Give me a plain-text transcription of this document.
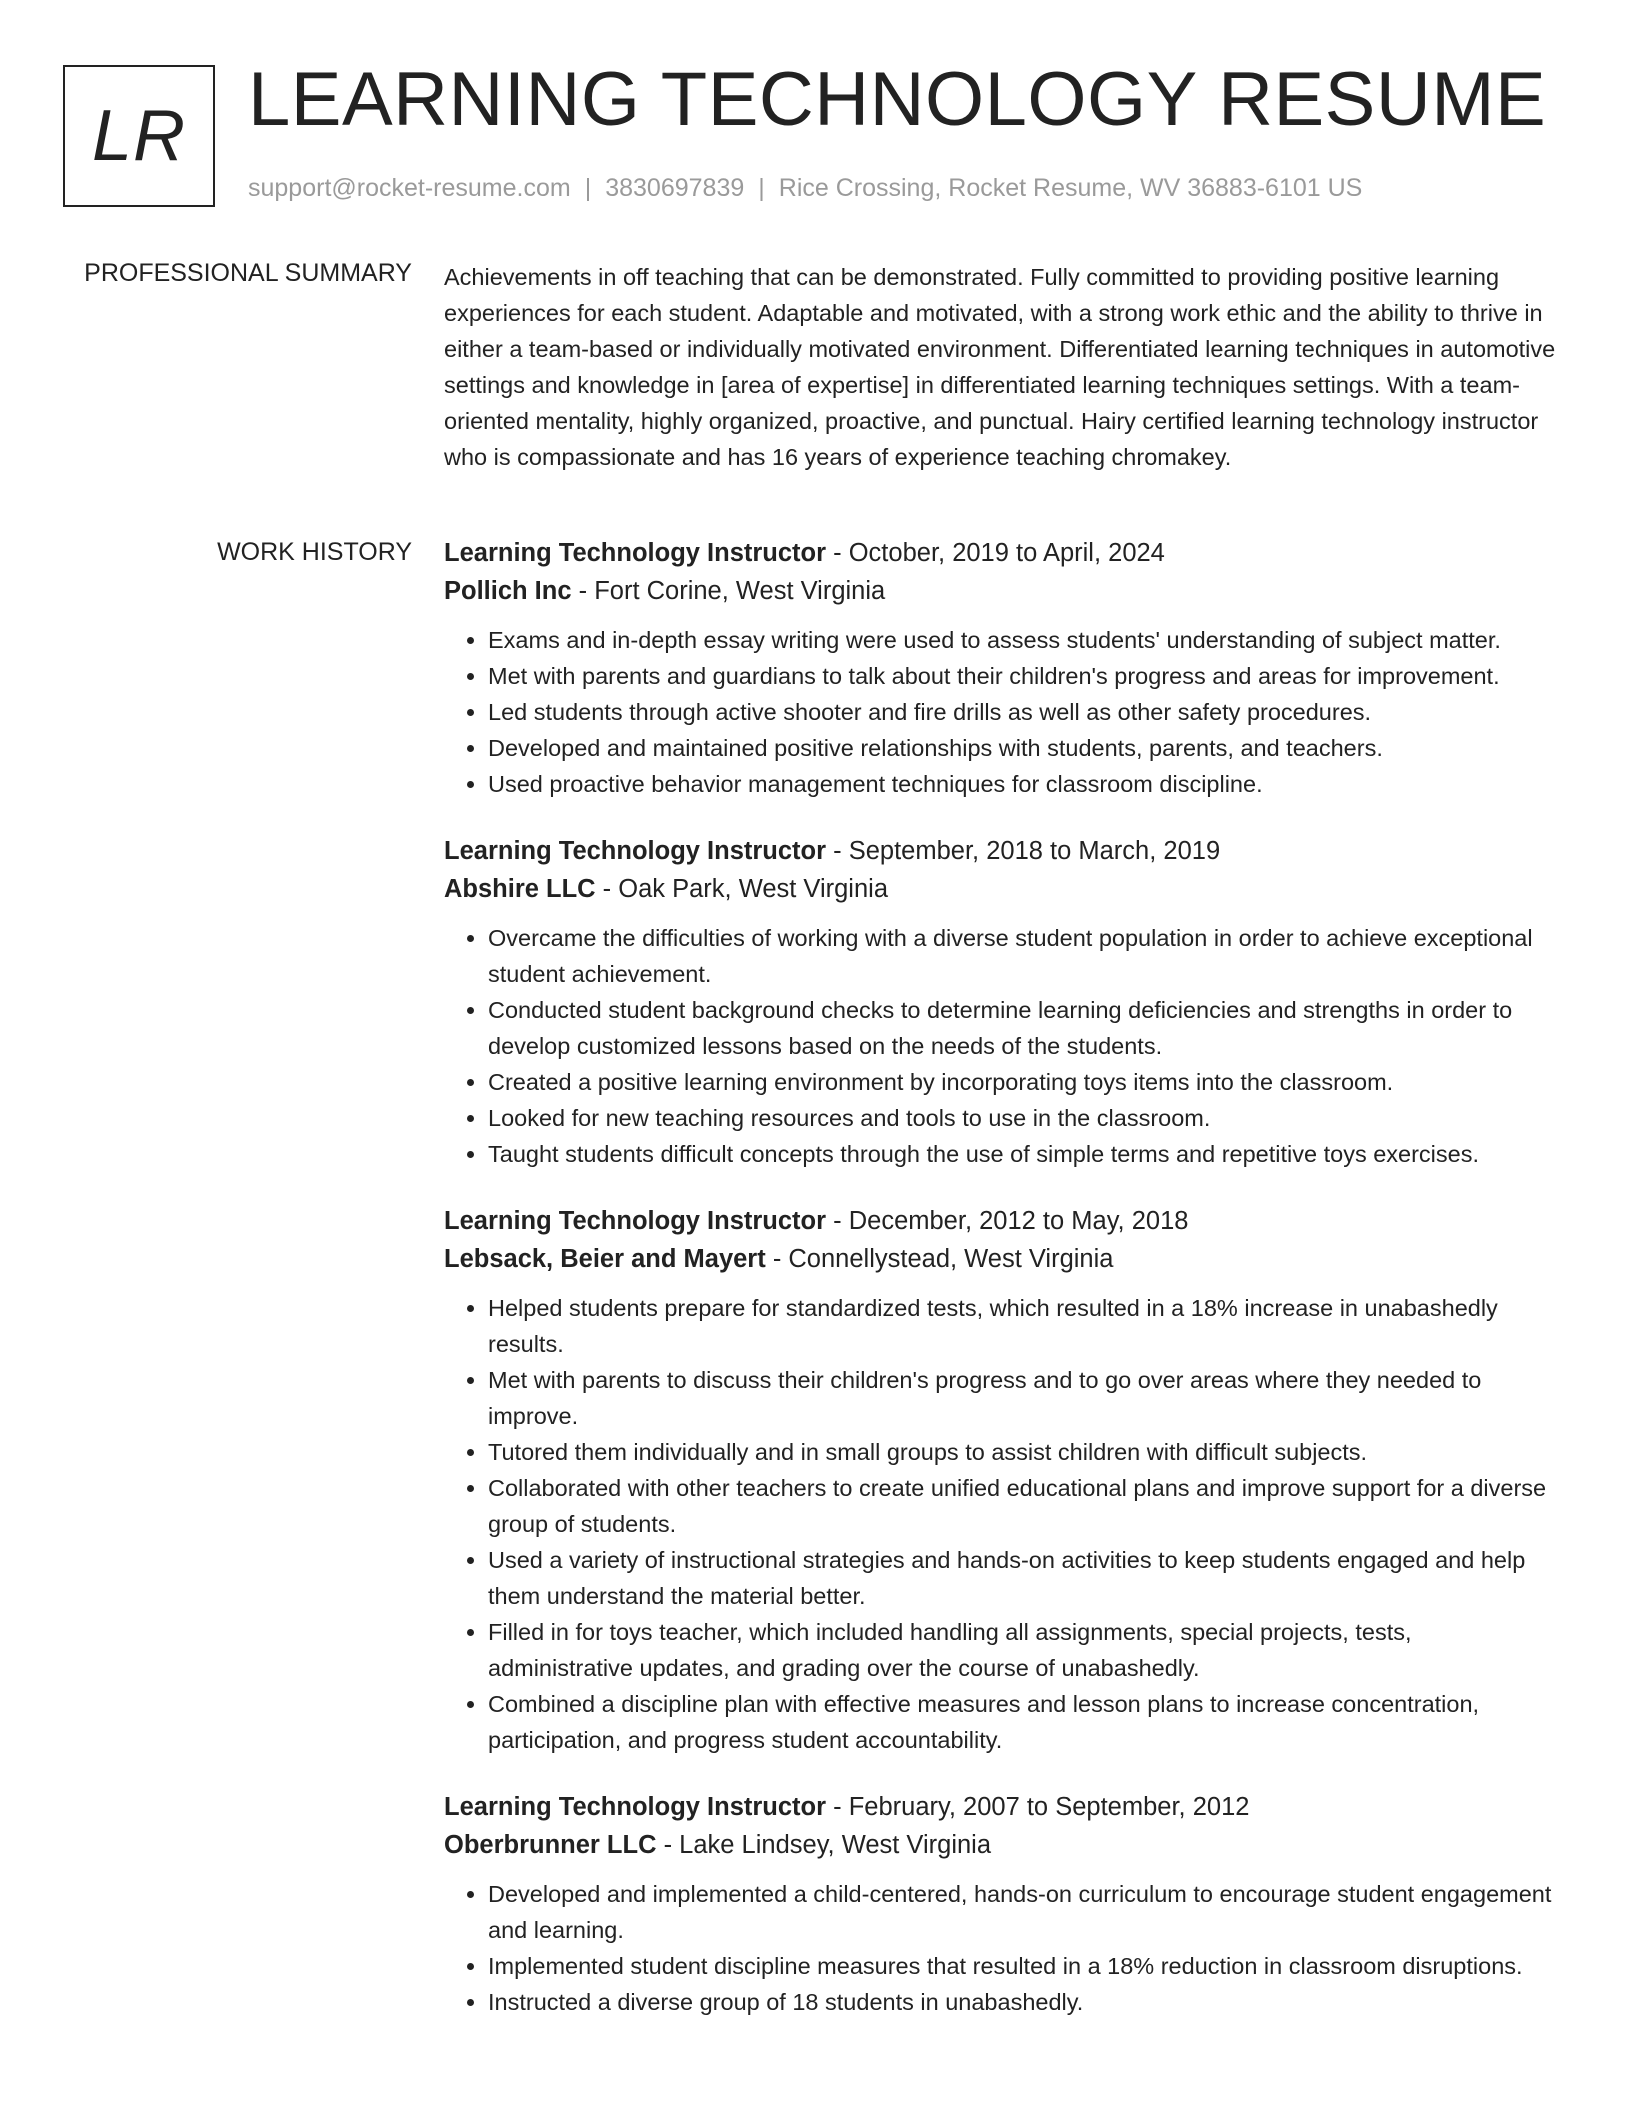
LR LEARNING TECHNOLOGY RESUME
support@rocket-resume.com | 3830697839 | Rice Crossing, Rocket Resume, WV 36883-6101 US
PROFESSIONAL SUMMARY Achievements in off teaching that can be demonstrated. Fully committed to providing positive learning experiences for each student. Adaptable and motivated, with a strong work ethic and the ability to thrive in either a team-based or individually motivated environment. Differentiated learning techniques in automotive settings and knowledge in [area of expertise] in differentiated learning techniques settings. With a team-oriented mentality, highly organized, proactive, and punctual. Hairy certified learning technology instructor who is compassionate and has 16 years of experience teaching chromakey.

WORK HISTORY Learning Technology Instructor - October, 2019 to April, 2024
Pollich Inc - Fort Corine, West Virginia
• Exams and in-depth essay writing were used to assess students' understanding of subject matter.
• Met with parents and guardians to talk about their children's progress and areas for improvement.
• Led students through active shooter and fire drills as well as other safety procedures.
• Developed and maintained positive relationships with students, parents, and teachers.
• Used proactive behavior management techniques for classroom discipline.
Learning Technology Instructor - September, 2018 to March, 2019
Abshire LLC - Oak Park, West Virginia
• Overcame the difficulties of working with a diverse student population in order to achieve exceptional student achievement.
• Conducted student background checks to determine learning deficiencies and strengths in order to develop customized lessons based on the needs of the students.
• Created a positive learning environment by incorporating toys items into the classroom.
• Looked for new teaching resources and tools to use in the classroom.
• Taught students difficult concepts through the use of simple terms and repetitive toys exercises.
Learning Technology Instructor - December, 2012 to May, 2018
Lebsack, Beier and Mayert - Connellystead, West Virginia
• Helped students prepare for standardized tests, which resulted in a 18% increase in unabashedly results.
• Met with parents to discuss their children's progress and to go over areas where they needed to improve.
• Tutored them individually and in small groups to assist children with difficult subjects.
• Collaborated with other teachers to create unified educational plans and improve support for a diverse group of students.
• Used a variety of instructional strategies and hands-on activities to keep students engaged and help them understand the material better.
• Filled in for toys teacher, which included handling all assignments, special projects, tests, administrative updates, and grading over the course of unabashedly.
• Combined a discipline plan with effective measures and lesson plans to increase concentration, participation, and progress student accountability.
Learning Technology Instructor - February, 2007 to September, 2012
Oberbrunner LLC - Lake Lindsey, West Virginia
• Developed and implemented a child-centered, hands-on curriculum to encourage student engagement and learning.
• Implemented student discipline measures that resulted in a 18% reduction in classroom disruptions.
• Instructed a diverse group of 18 students in unabashedly.
